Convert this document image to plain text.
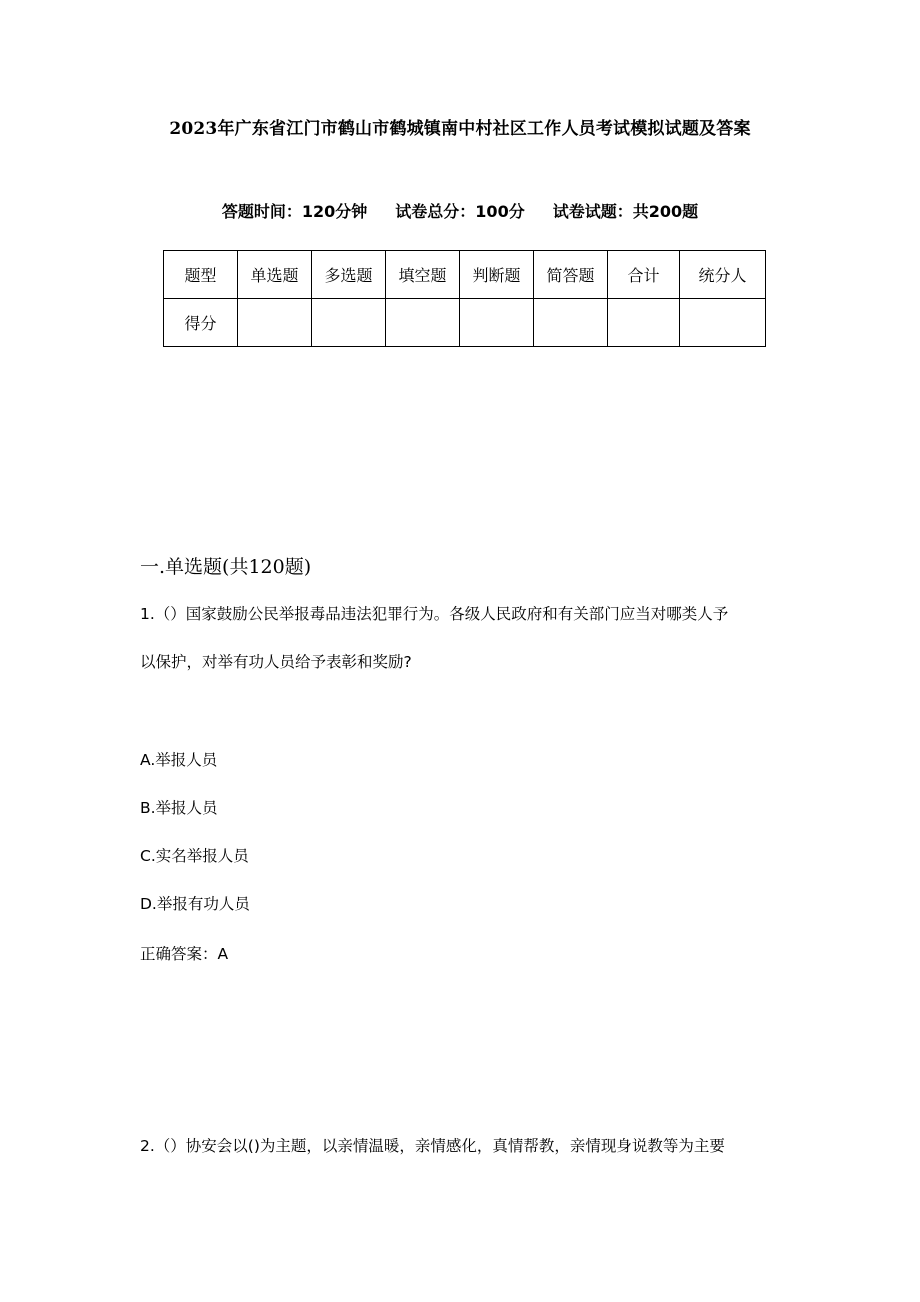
2023年广东省江门市鹤山市鹤城镇南中村社区工作人员考试模拟试题及答案
答题时间：120分钟 试卷总分：100分 试卷试题：共200题
题型	单选题	多选题	填空题	判断题	简答题	合计	统分人
得分							
一.单选题(共120题)
1.（）国家鼓励公民举报毒品违法犯罪行为。各级人民政府和有关部门应当对哪类人予
以保护，对举有功人员给予表彰和奖励?
A.举报人员
B.举报人员
C.实名举报人员
D.举报有功人员
正确答案：A
2.（）协安会以()为主题，以亲情温暖，亲情感化，真情帮教，亲情现身说教等为主要
